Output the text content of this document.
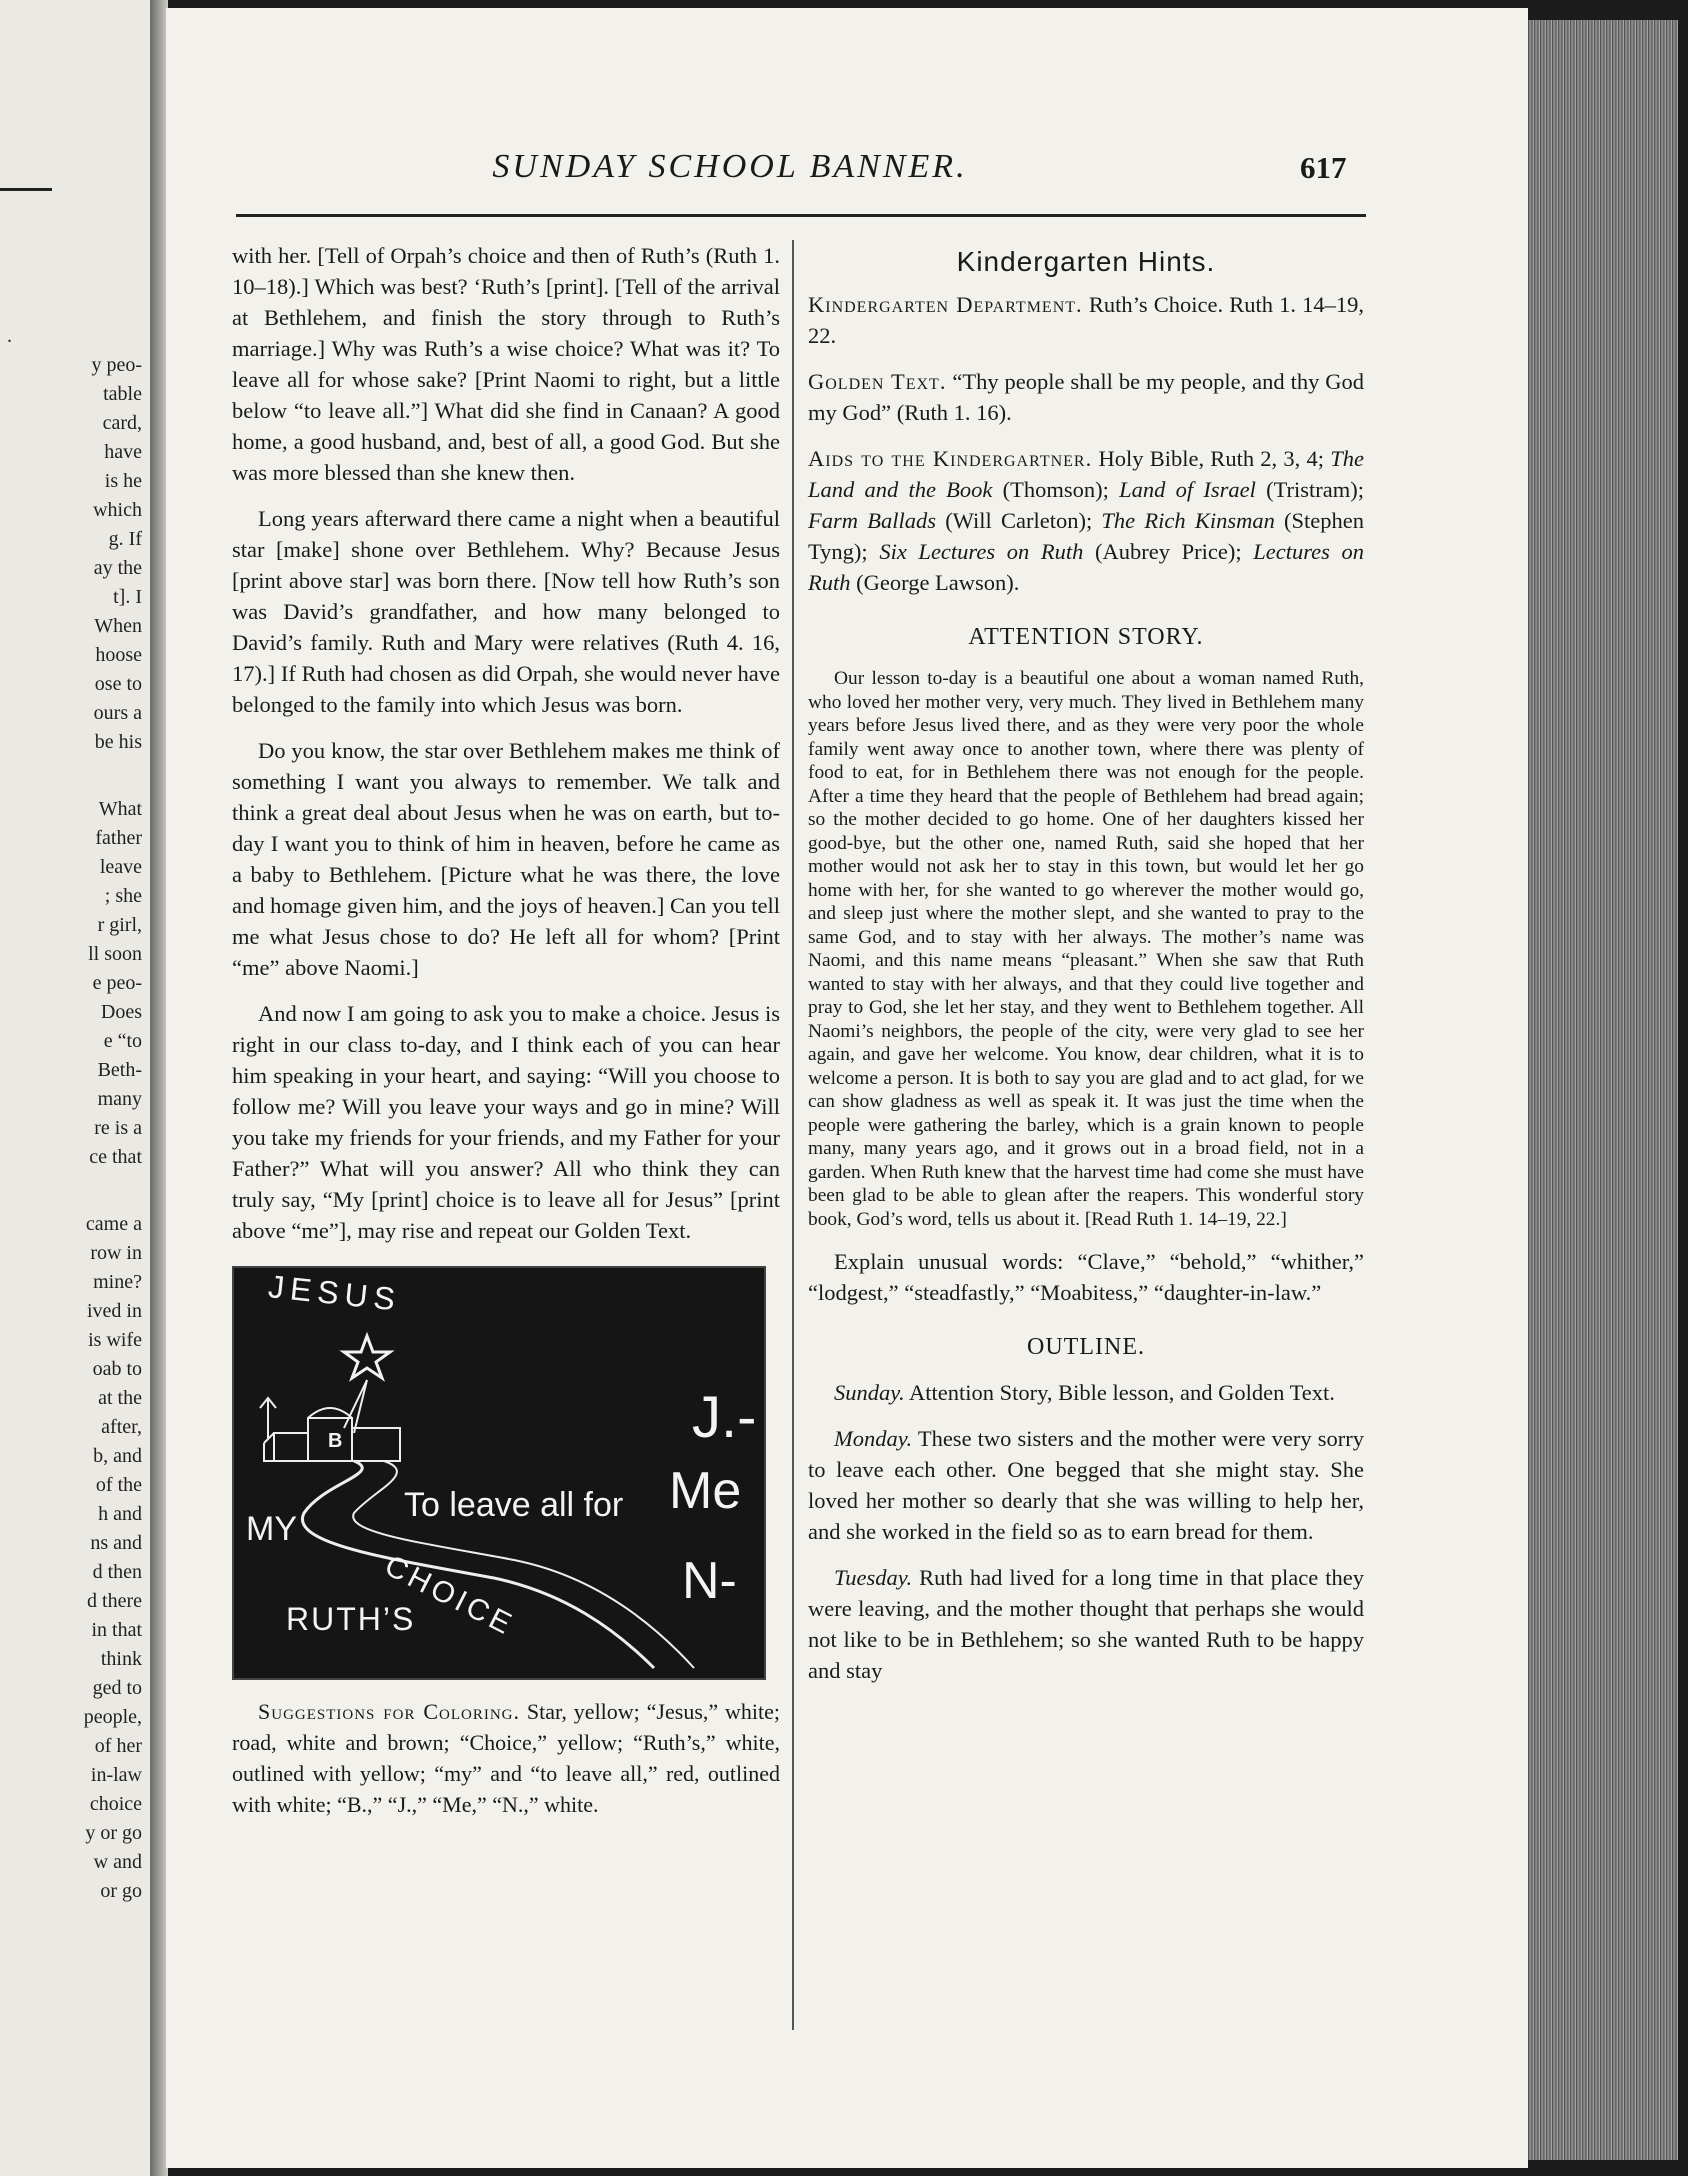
.
y peo-
table
card,
have
is he
which
g. If
ay the
t]. I
When
hoose
ose to
ours a
be his
What
father
leave
; she
r girl,
ll soon
e peo-
Does
e “to
Beth-
many
re is a
ce that
came a
row in
mine?
ived in
is wife
oab to
at the
after,
b, and
of the
h and
ns and
d then
d there
in that
think
ged to
people,
of her
in-law
choice
y or go
w and
or go
SUNDAY SCHOOL BANNER.	617

with her. [Tell of Orpah’s choice and then of Ruth’s (Ruth 1. 10–18).] Which was best? ‘Ruth’s [print]. [Tell of the arrival at Bethlehem, and finish the story through to Ruth’s marriage.] Why was Ruth’s a wise choice? What was it? To leave all for whose sake? [Print Naomi to right, but a little below “to leave all.”] What did she find in Canaan? A good home, a good husband, and, best of all, a good God. But she was more blessed than she knew then.

Long years afterward there came a night when a beautiful star [make] shone over Bethlehem. Why? Because Jesus [print above star] was born there. [Now tell how Ruth’s son was David’s grandfather, and how many belonged to David’s family. Ruth and Mary were relatives (Ruth 4. 16, 17).] If Ruth had chosen as did Orpah, she would never have belonged to the family into which Jesus was born.

Do you know, the star over Bethlehem makes me think of something I want you always to remember. We talk and think a great deal about Jesus when he was on earth, but to-day I want you to think of him in heaven, before he came as a baby to Bethlehem. [Picture what he was there, the love and homage given him, and the joys of heaven.] Can you tell me what Jesus chose to do? He left all for whom? [Print “me” above Naomi.]

And now I am going to ask you to make a choice. Jesus is right in our class to-day, and I think each of you can hear him speaking in your heart, and saying: “Will you choose to follow me? Will you leave your ways and go in mine? Will you take my friends for your friends, and my Father for your Father?” What will you answer? All who think they can truly say, “My [print] choice is to leave all for Jesus” [print above “me”], may rise and repeat our Golden Text.

JESUS
B	J.-
To leave all for Me
MY
CHOICE	N-
RUTH’S
Suggestions for Coloring. Star, yellow; “Jesus,” white; road, white and brown; “Choice,” yellow; “Ruth’s,” white, outlined with yellow; “my” and “to leave all,” red, outlined with white; “B.,” “J.,” “Me,” “N.,” white.
Kindergarten Hints.

Kindergarten Department. Ruth’s Choice. Ruth 1. 14–19, 22.

Golden Text. “Thy people shall be my people, and thy God my God” (Ruth 1. 16).

Aids to the Kindergartner. Holy Bible, Ruth 2, 3, 4; The Land and the Book (Thomson); Land of Israel (Tristram); Farm Ballads (Will Carleton); The Rich Kinsman (Stephen Tyng); Six Lectures on Ruth (Aubrey Price); Lectures on Ruth (George Lawson).

ATTENTION STORY.

Our lesson to-day is a beautiful one about a woman named Ruth, who loved her mother very, very much. They lived in Bethlehem many years before Jesus lived there, and as they were very poor the whole family went away once to another town, where there was plenty of food to eat, for in Bethlehem there was not enough for the people. After a time they heard that the people of Bethlehem had bread again; so the mother decided to go home. One of her daughters kissed her good-bye, but the other one, named Ruth, said she hoped that her mother would not ask her to stay in this town, but would let her go home with her, for she wanted to go wherever the mother would go, and sleep just where the mother slept, and she wanted to pray to the same God, and to stay with her always. The mother’s name was Naomi, and this name means “pleasant.” When she saw that Ruth wanted to stay with her always, and that they could live together and pray to God, she let her stay, and they went to Bethlehem together. All Naomi’s neighbors, the people of the city, were very glad to see her again, and gave her welcome. You know, dear children, what it is to welcome a person. It is both to say you are glad and to act glad, for we can show gladness as well as speak it. It was just the time when the people were gathering the barley, which is a grain known to people many, many years ago, and it grows out in a broad field, not in a garden. When Ruth knew that the harvest time had come she must have been glad to be able to glean after the reapers. This wonderful story book, God’s word, tells us about it. [Read Ruth 1. 14–19, 22.]

Explain unusual words: “Clave,” “behold,” “whither,” “lodgest,” “steadfastly,” “Moabitess,” “daughter-in-law.”

OUTLINE.

Sunday. Attention Story, Bible lesson, and Golden Text.

Monday. These two sisters and the mother were very sorry to leave each other. One begged that she might stay. She loved her mother so dearly that she was willing to help her, and she worked in the field so as to earn bread for them.

Tuesday. Ruth had lived for a long time in that place they were leaving, and the mother thought that perhaps she would not like to be in Bethlehem; so she wanted Ruth to be happy and stay
